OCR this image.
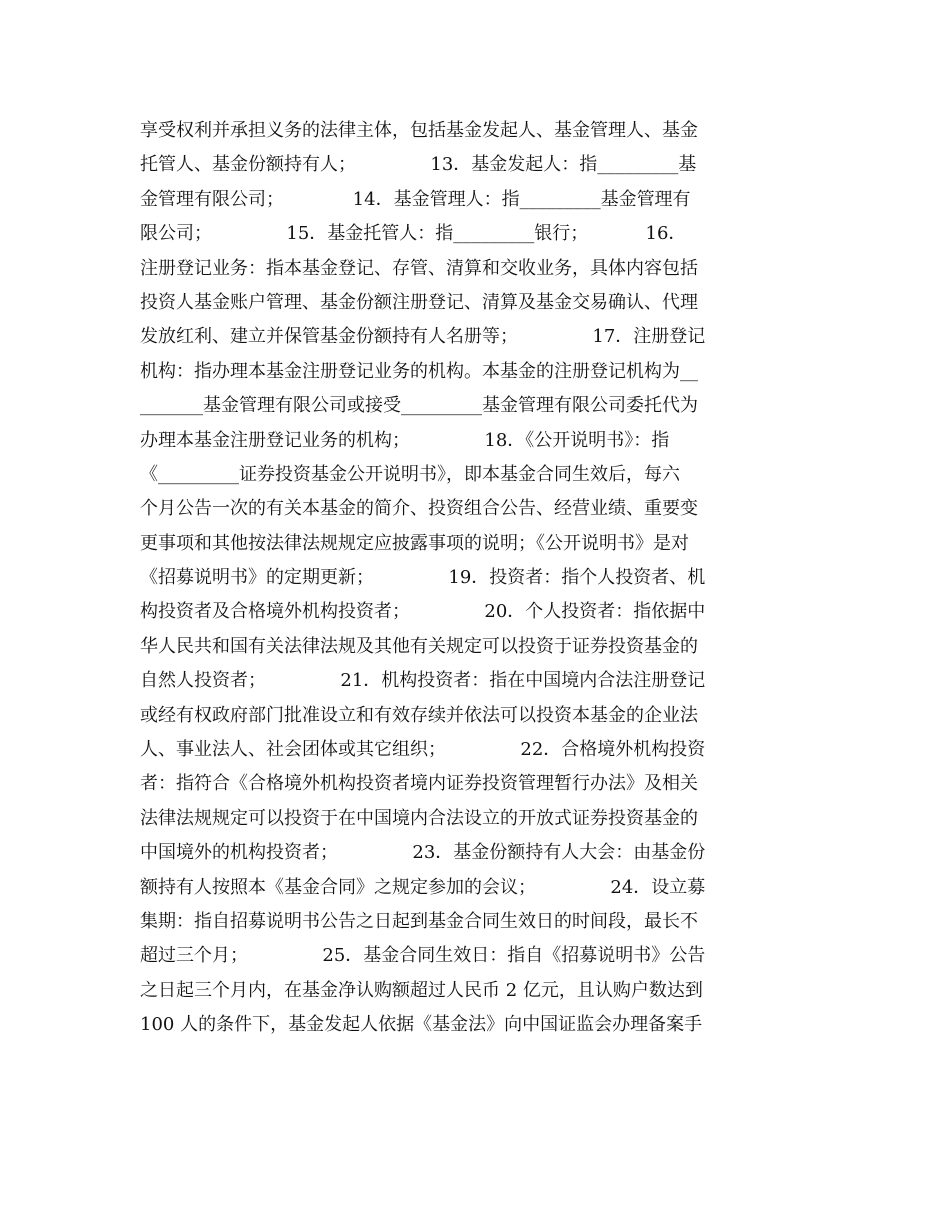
享受权利并承担义务的法律主体，包括基金发起人、基金管理人、基金
托管人、基金份额持有人；             13．基金发起人：指_________基
金管理有限公司；            14．基金管理人：指_________基金管理有
限公司；             15．基金托管人：指_________银行；          16．
注册登记业务：指本基金登记、存管、清算和交收业务，具体内容包括
投资人基金账户管理、基金份额注册登记、清算及基金交易确认、代理
发放红利、建立并保管基金份额持有人名册等；             17．注册登记
机构：指办理本基金注册登记业务的机构。本基金的注册登记机构为__
_______基金管理有限公司或接受_________基金管理有限公司委托代为
办理本基金注册登记业务的机构；             18．《公开说明书》：指
《_________证券投资基金公开说明书》，即本基金合同生效后，每六
个月公告一次的有关本基金的简介、投资组合公告、经营业绩、重要变
更事项和其他按法律法规规定应披露事项的说明；《公开说明书》是对
《招募说明书》的定期更新；             19．投资者：指个人投资者、机
构投资者及合格境外机构投资者；             20．个人投资者：指依据中
华人民共和国有关法律法规及其他有关规定可以投资于证券投资基金的
自然人投资者；             21．机构投资者：指在中国境内合法注册登记
或经有权政府部门批准设立和有效存续并依法可以投资本基金的企业法
人、事业法人、社会团体或其它组织；             22．合格境外机构投资
者：指符合《合格境外机构投资者境内证券投资管理暂行办法》及相关
法律法规规定可以投资于在中国境内合法设立的开放式证券投资基金的
中国境外的机构投资者；             23．基金份额持有人大会：由基金份
额持有人按照本《基金合同》之规定参加的会议；             24．设立募
集期：指自招募说明书公告之日起到基金合同生效日的时间段，最长不
超过三个月；             25．基金合同生效日：指自《招募说明书》公告
之日起三个月内，在基金净认购额超过人民币 2 亿元，且认购户数达到
100 人的条件下，基金发起人依据《基金法》向中国证监会办理备案手
